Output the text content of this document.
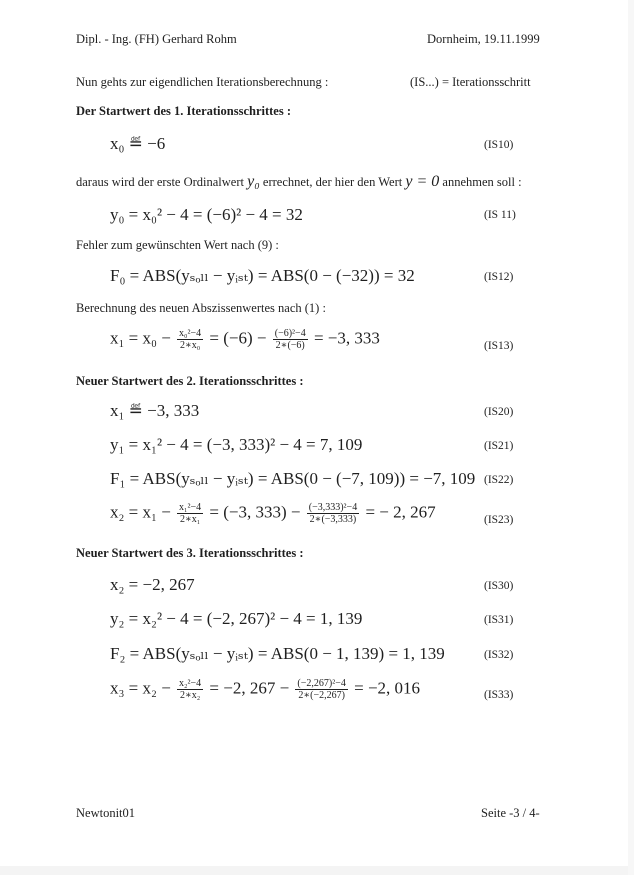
Dipl. - Ing. (FH) Gerhard Rohm	Dornheim, 19.11.1999
Nun gehts zur eigendlichen Iterationsberechnung :	(IS...) = Iterationsschritt
Der Startwert des 1. Iterationsschrittes :
x₀ ≝ −6	(IS10)
daraus wird der erste Ordinalwert y₀ errechnet, der hier den Wert y = 0 annehmen soll :
y₀ = x₀² − 4 = (−6)² − 4 = 32	(IS 11)
Fehler zum gewünschten Wert nach (9) :
F₀ = ABS(yₛₒₗₗ − yᵢₛₜ) = ABS(0 − (−32)) = 32	(IS12)
Berechnung des neuen Abszissenwertes nach (1) :
$x_1 = x_0 - \frac{\text{x₀²−4}}{\text{2∗x₀}} = (-6) - \frac{\text{(−6)²−4}}{2∗(-6)} = -3$, 333	(IS13)
Neuer Startwert des 2. Iterationsschrittes :
x₁ ≝ −3, 333	(IS20)
y₁ = x₁² − 4 = (−3, 333)² − 4 = 7, 109	(IS21)
F₁ = ABS(yₛₒₗₗ − yᵢₛₜ) = ABS(0 − (−7, 109)) = −7, 109 (IS22)
$x_2 = x_1 - \frac{\text{x₁²−4}}{\text{2∗x₁}} = (-3$, $333) - \frac{\text{(−3,333)²−4}}{2∗(-3,333)}$ = − 2, 267	(IS23)
Neuer Startwert des 3. Iterationsschrittes :
x₂ = −2, 267	(IS30)
y₂ = x₂² − 4 = (−2, 267)² − 4 = 1, 139	(IS31)
F₂ = ABS(yₛₒₗₗ − yᵢₛₜ) = ABS(0 − 1, 139) = 1, 139	(IS32)
$x_3 = x_2 - \frac{\text{x₂²−4}}{\text{2∗x₂}} = -2$, $267 - \frac{\text{(−2,267)²−4}}{2∗(-2,267)} = -2$, 016	(IS33)
Newtonit01	Seite -3 / 4-
